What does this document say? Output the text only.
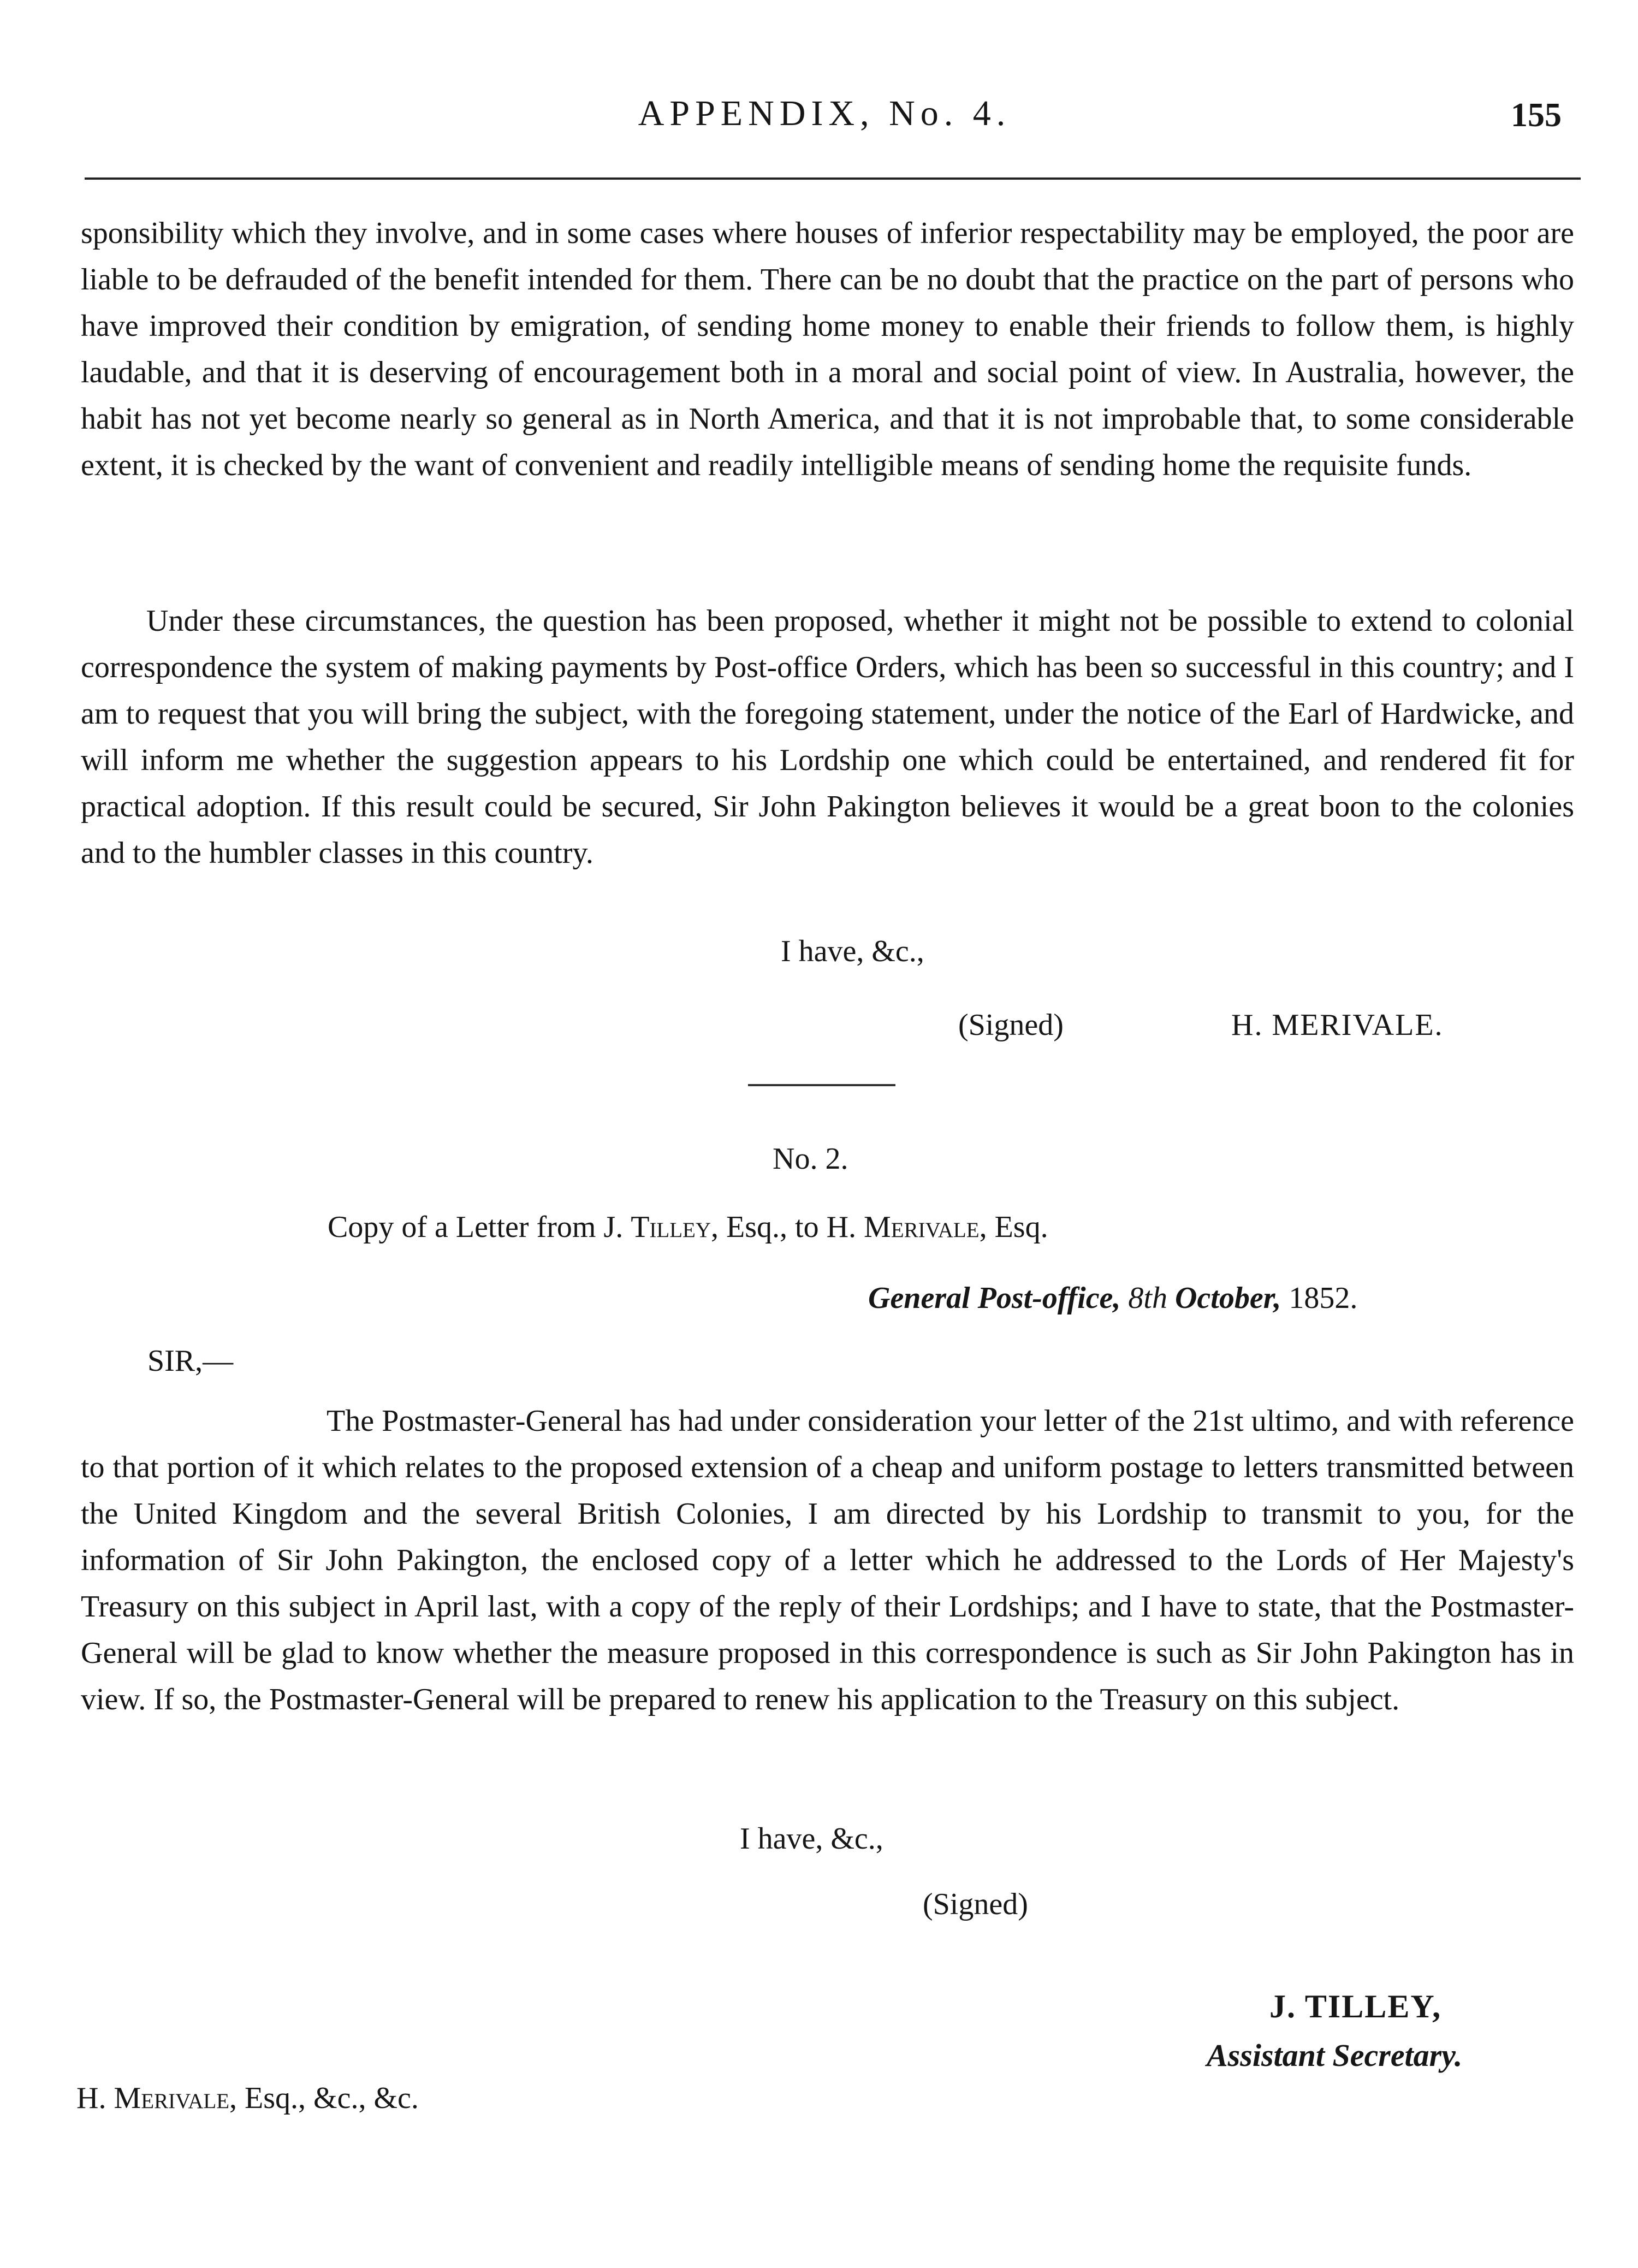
APPENDIX, No. 4.	155

sponsibility which they involve, and in some cases where houses of inferior respectability may be employed, the poor are liable to be defrauded of the benefit intended for them. There can be no doubt that the practice on the part of persons who have improved their condition by emigration, of sending home money to enable their friends to follow them, is highly laudable, and that it is deserving of encouragement both in a moral and social point of view. In Australia, however, the habit has not yet become nearly so general as in North America, and that it is not improbable that, to some considerable extent, it is checked by the want of convenient and readily intelligible means of sending home the requisite funds.

Under these circumstances, the question has been proposed, whether it might not be possible to extend to colonial correspondence the system of making payments by Post-office Orders, which has been so successful in this country; and I am to request that you will bring the subject, with the foregoing statement, under the notice of the Earl of Hardwicke, and will inform me whether the suggestion appears to his Lordship one which could be entertained, and rendered fit for practical adoption. If this result could be secured, Sir John Pakington believes it would be a great boon to the colonies and to the humbler classes in this country.

I have, &c.,
(Signed)	H. MERIVALE.
No. 2.
Copy of a Letter from J. Tilley, Esq., to H. Merivale, Esq.
General Post-office, 8th October, 1852.
SIR,—

The Postmaster-General has had under consideration your letter of the 21st ultimo, and with reference to that portion of it which relates to the proposed extension of a cheap and uniform postage to letters transmitted between the United Kingdom and the several British Colonies, I am directed by his Lordship to transmit to you, for the information of Sir John Pakington, the enclosed copy of a letter which he addressed to the Lords of Her Majesty's Treasury on this subject in April last, with a copy of the reply of their Lordships; and I have to state, that the Postmaster-General will be glad to know whether the measure proposed in this correspondence is such as Sir John Pakington has in view. If so, the Postmaster-General will be prepared to renew his application to the Treasury on this subject.

I have, &c.,
(Signed)
J. TILLEY,
Assistant Secretary.
H. Merivale, Esq., &c., &c.
